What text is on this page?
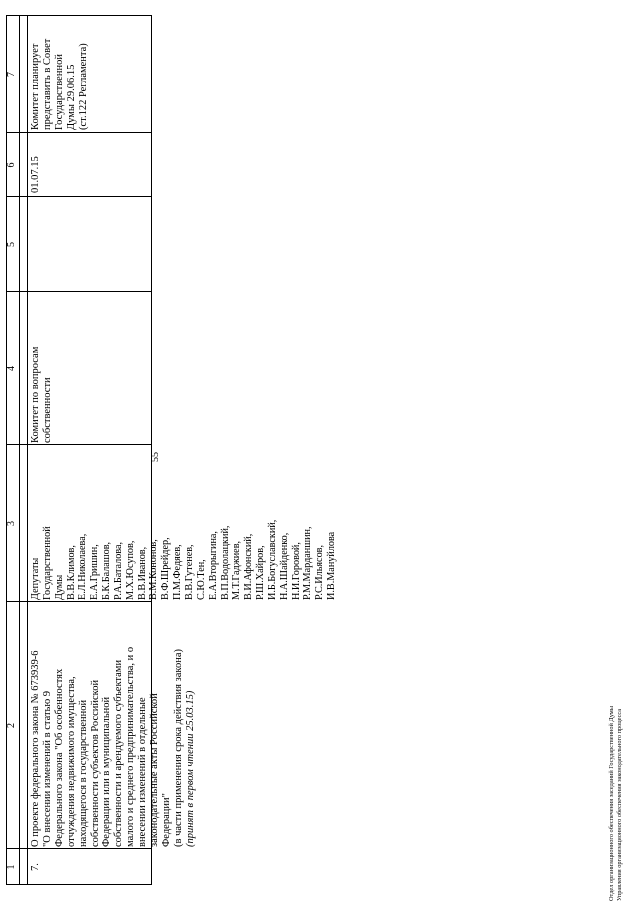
55
1
2
3
4
5
6
7
7.
О проекте федерального закона № 673939-6 "О внесении изменений в статью 9 Федерального закона "Об особенностях отчуждения недвижимого имущества, находящегося в государственной собственности субъектов Российской Федерации или в муниципальной собственности и арендуемого субъектами малого и среднего предпринимательства, и о внесении изменений в отдельные законодательные акты Российской Федерации" (в части применения срока действия закона) (принят в первом чтении 25.03.15)
Депутаты Государственной Думы В.В.Климов, Е.Л.Николаева, Е.А.Гришин, Б.К.Балашов, Р.А.Баталова, М.Х.Юсупов, В.В.Иванов, В.М.Кононов, В.Ф.Шрейдер, П.М.Федяев, В.В.Гутенев, С.Ю.Тен, Е.А.Вторыгина, В.П.Водолацкий, М.Т.Гаджиев, В.И.Афонский, Р.Ш.Хайров, И.Б.Богуславский, Н.А.Шайденко, Н.И.Горовой, Р.М.Марданшин, Р.С.Ильясов, И.В.Мануйлова
Комитет по вопросам собственности
01.07.15
Комитет планирует представить в Совет Государственной Думы 29.06.15 (ст.122 Регламента)
Отдел организационного обеспечения заседаний Государственной Думы Управления организационного обеспечения законодательного процесса
